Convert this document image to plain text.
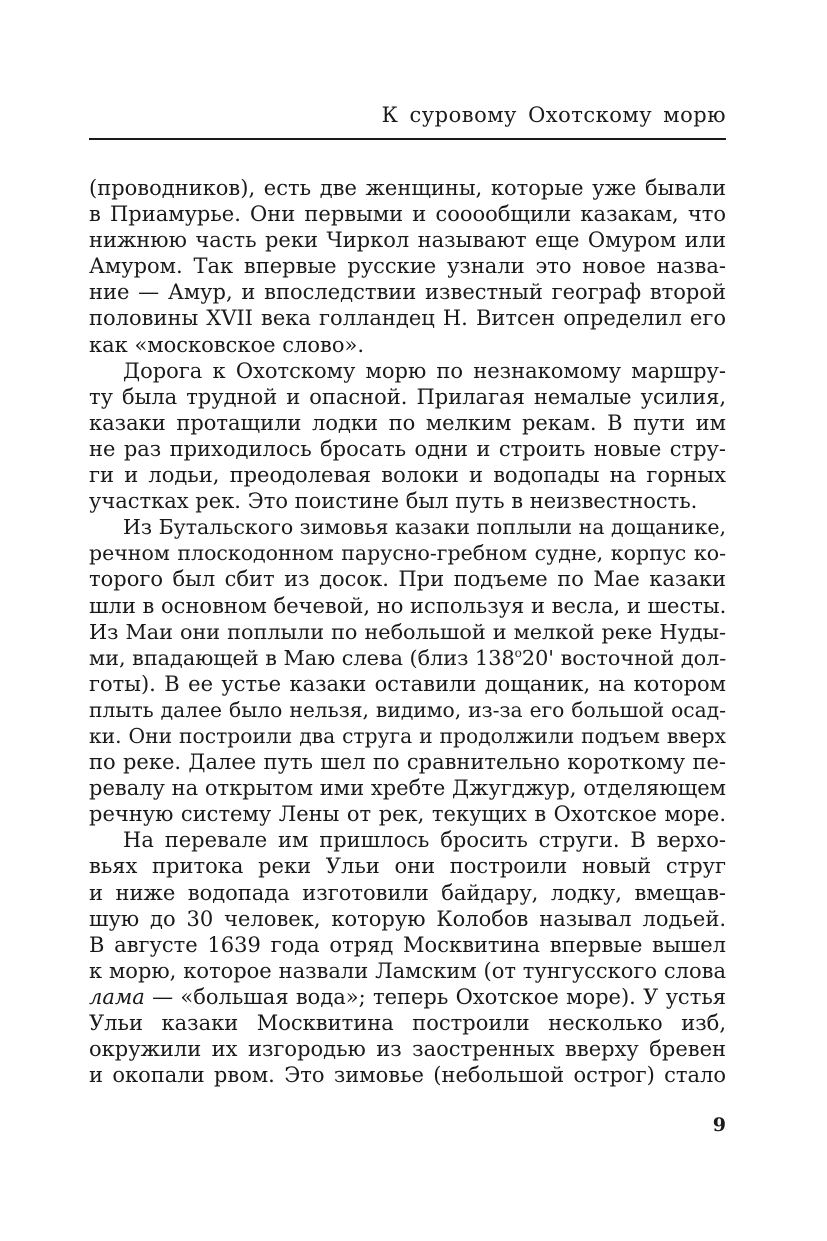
К суровому Охотскому морю
(проводников), есть две женщины, которые уже бывали
в Приамурье. Они первыми и сооообщили казакам, что
нижнюю часть реки Чиркол называют еще Омуром или
Амуром. Так впервые русские узнали это новое назва-
ние — Амур, и впоследствии известный географ второй
половины XVII века голландец Н. Витсен определил его
как «московское слово».
Дорога к Охотскому морю по незнакомому маршру-
ту была трудной и опасной. Прилагая немалые усилия,
казаки протащили лодки по мелким рекам. В пути им
не раз приходилось бросать одни и строить новые стру-
ги и лодьи, преодолевая волоки и водопады на горных
участках рек. Это поистине был путь в неизвестность.
Из Бутальского зимовья казаки поплыли на дощанике,
речном плоскодонном парусно-гребном судне, корпус ко-
торого был сбит из досок. При подъеме по Мае казаки
шли в основном бечевой, но используя и весла, и шесты.
Из Маи они поплыли по небольшой и мелкой реке Нуды-
ми, впадающей в Маю слева (близ 138$^o$20' восточной дол-
готы). В ее устье казаки оставили дощаник, на котором
плыть далее было нельзя, видимо, из-за его большой осад-
ки. Они построили два струга и продолжили подъем вверх
по реке. Далее путь шел по сравнительно короткому пе-
ревалу на открытом ими хребте Джугджур, отделяющем
речную систему Лены от рек, текущих в Охотское море.
На перевале им пришлось бросить струги. В верхо-
вьях притока реки Ульи они построили новый струг
и ниже водопада изготовили байдару, лодку, вмещав-
шую до 30 человек, которую Колобов называл лодьей.
В августе 1639 года отряд Москвитина впервые вышел
к морю, которое назвали Ламским (от тунгусского слова
лама — «большая вода»; теперь Охотское море). У устья
Ульи казаки Москвитина построили несколько изб,
окружили их изгородью из заостренных вверху бревен
и окопали рвом. Это зимовье (небольшой острог) стало
9
